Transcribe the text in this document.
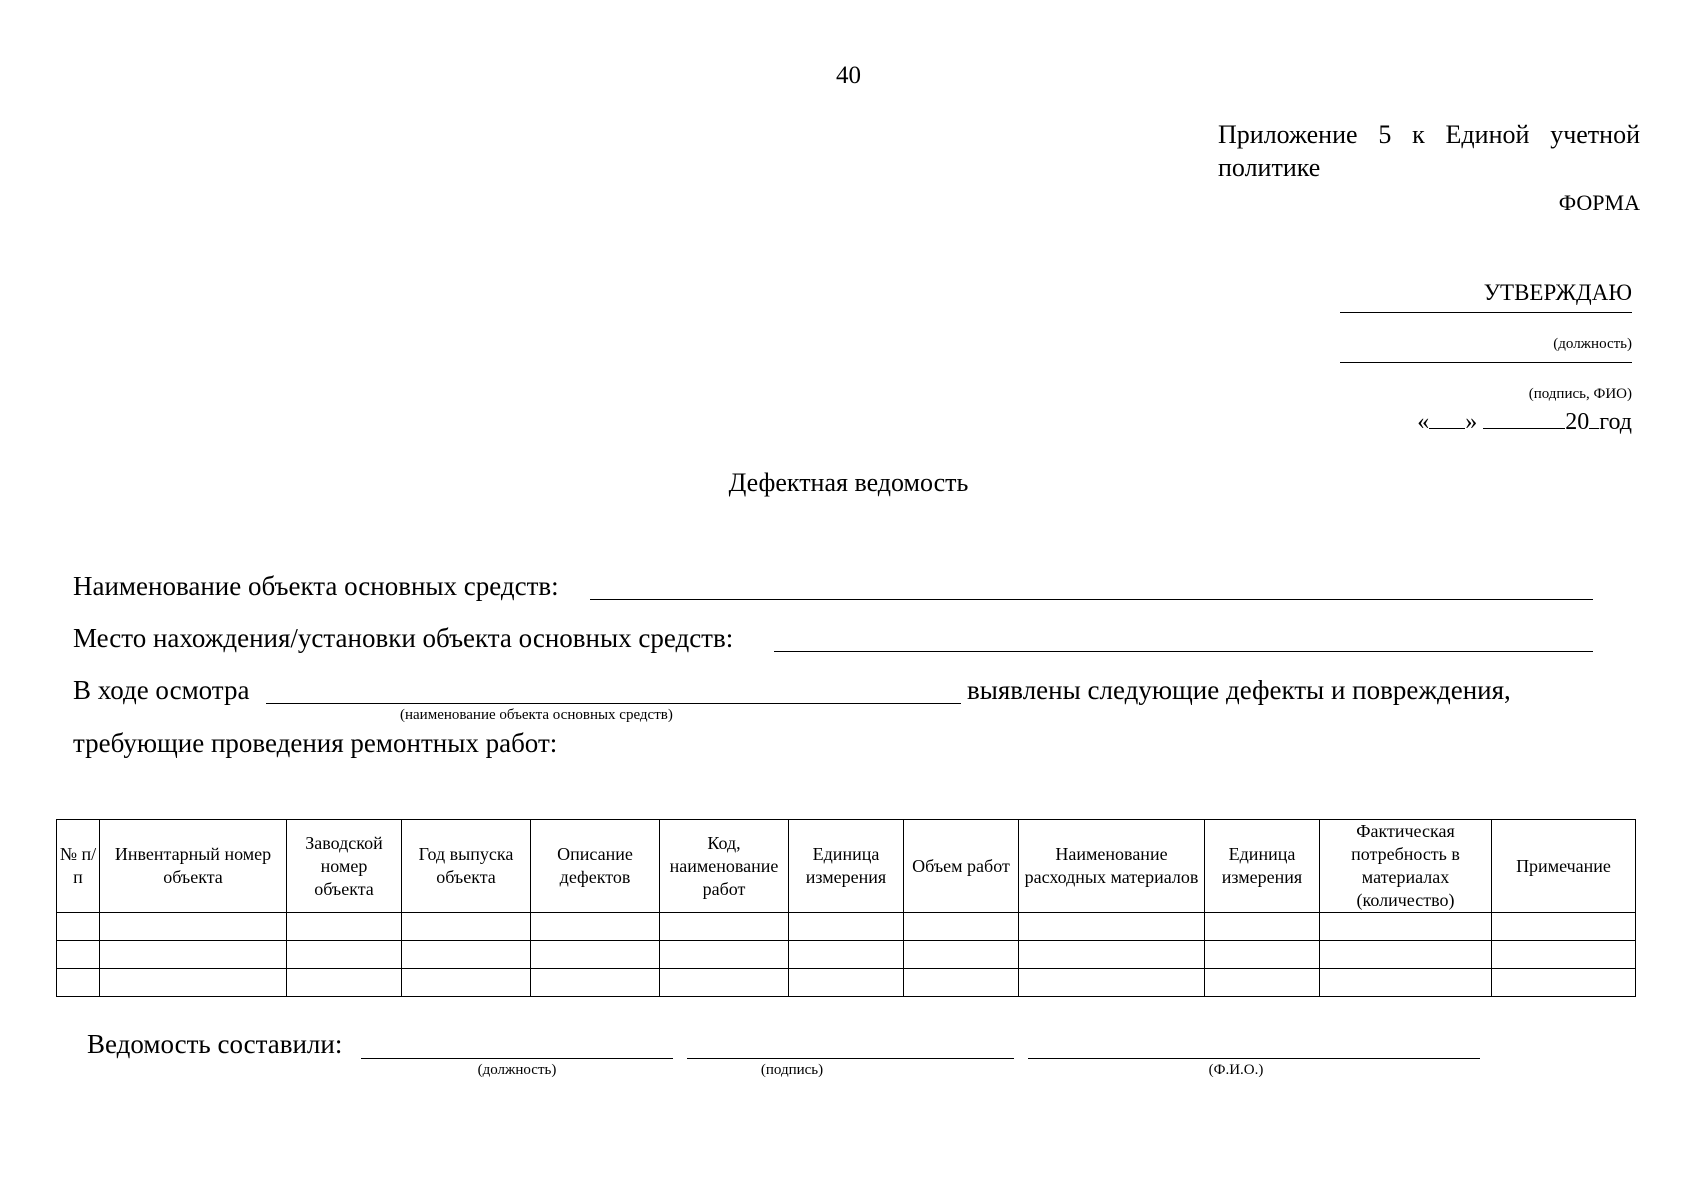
40
Приложение 5 к Единой учетной политике
ФОРМА
УТВЕРЖДАЮ
(должность)
(подпись, ФИО)
« »	20 год
Дефектная ведомость
Наименование объекта основных средств:
Место нахождения/установки объекта основных средств:
В ходе осмотра	выявлены следующие дефекты и повреждения,
(наименование объекта основных средств)
требующие проведения ремонтных работ:
№ п/п	Инвентарный номер объекта	Заводской номер объекта	Год выпуска объекта	Описание дефектов	Код, наименование работ	Единица измерения	Объем работ	Наименование расходных материалов	Единица измерения	Фактическая потребность в материалах (количество)	Примечание

Ведомость составили:
(должность)	(подпись)	(Ф.И.О.)
